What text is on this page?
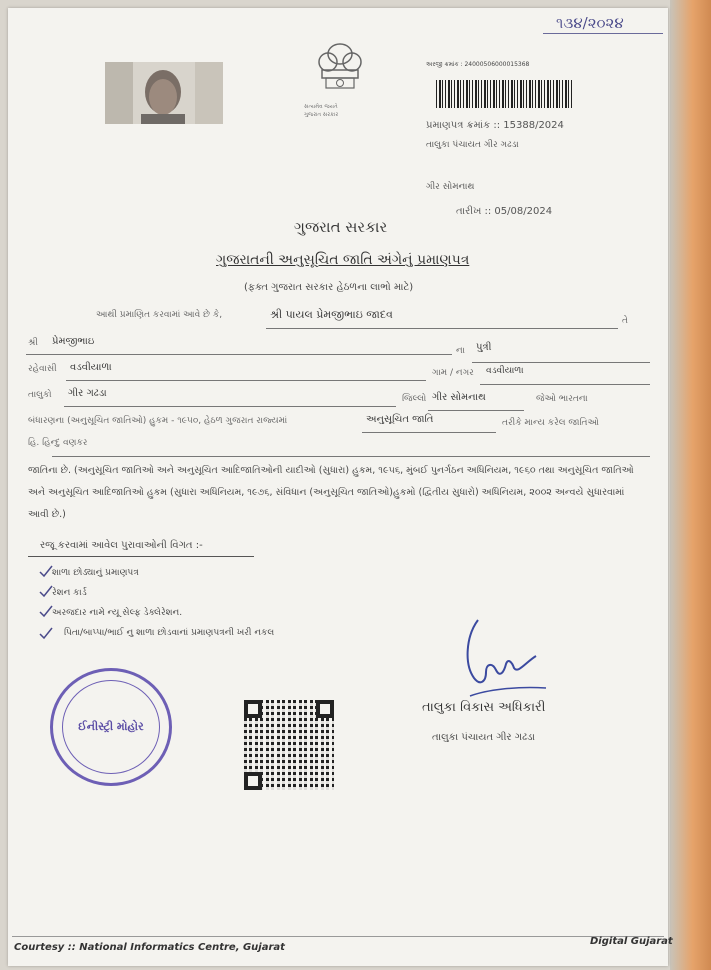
૧૩૪/૨૦૨૪
સત્યમેવ જયતે
ગુજરાત સરકાર
અરજી ક્રમાંક : 24000506000015368
પ્રમાણપત્ર ક્રમાંક :: 15388/2024
તાલુકા પંચાયત ગીર ગઢડા
ગીર સોમનાથ
તારીખ :: 05/08/2024
ગુજરાત સરકાર
ગુજરાતની અનુસૂચિત જાતિ અંગેનું પ્રમાણપત્ર
(ફક્ત ગુજરાત સરકાર હેઠળના લાભો માટે)
આથી પ્રમાણિત કરવામાં આવે છે કે,	શ્રી પાયલ પ્રેમજીભાઇ જાદવ	તે
શ્રી પ્રેમજીભાઇ
ના પુત્રી
રહેવાસી વડવીયાળા	ગામ / નગર વડવીયાળા
તાલુકો ગીર ગઢડા	જિલ્લો ગીર સોમનાથ	જેઓ ભારતના
બંધારણના (અનુસૂચિત જાતિઓ) હુકમ - ૧૯૫૦, હેઠળ ગુજરાત રાજ્યમાં	અનુસૂચિત જાતિ	તરીકે માન્ય કરેલ જાતિઓ
હિ. હિન્દુ વણકર
જાતિના છે. (અનુસૂચિત જાતિઓ અને અનુસૂચિત આદિજાતિઓની યાદીઓ (સુધારા) હુકમ, ૧૯૫૬, મુંબઈ પુનર્ગઠન અધિનિયમ, ૧૯૬૦ તથા અનુસૂચિત જાતિઓ અને અનુસૂચિત આદિજાતિઓ હુકમ (સુધારા અધિનિયમ, ૧૯૭૬, સંવિધાન (અનુસૂચિત જાતિઓ)હુકમો (દ્વિતીય સુધારો) અધિનિયમ, ૨૦૦૨ અન્વયે સુધારવામાં આવી છે.)
રજૂ કરવામાં આવેલ પુરાવાઓની વિગત :-
શાળા છોડ્યાનું પ્રમાણપત્ર
રેશન કાર્ડ
અરજદાર નામે ન્યૂ સેલ્ફ ડેક્લેરેશન.
પિતા/બાપ્પા/ભાઈ નુ શાળા છોડવાનાં પ્રમાણપત્રની ખરી નકલ
ઈનીસ્ટ્રી મોહોર
તાલુકા વિકાસ અધિકારી
તાલુકા પંચાયત ગીર ગઢડા
Courtesy :: National Informatics Centre, Gujarat
Digital Gujarat
